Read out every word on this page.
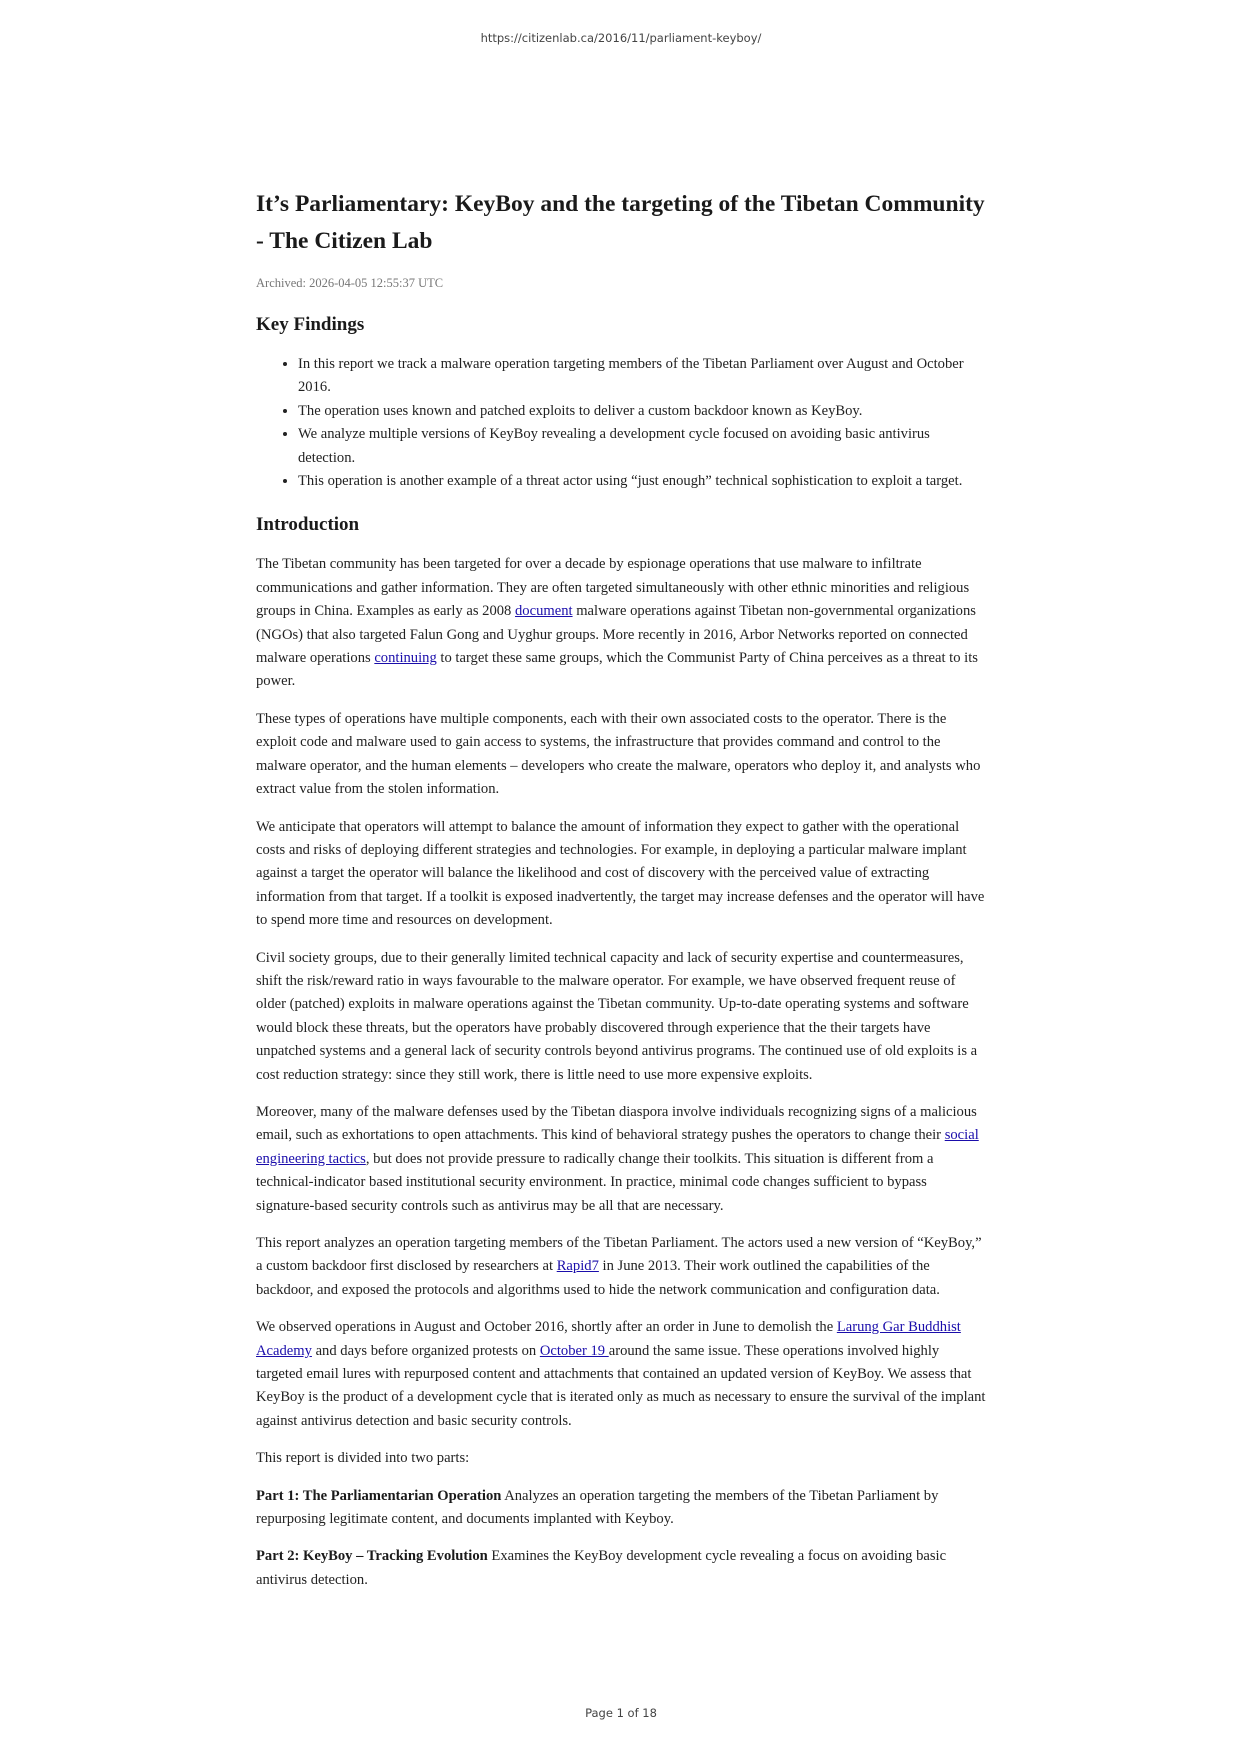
https://citizenlab.ca/2016/11/parliament-keyboy/
It’s Parliamentary: KeyBoy and the targeting of the Tibetan Community - The Citizen Lab
Archived: 2026-04-05 12:55:37 UTC
Key Findings
• In this report we track a malware operation targeting members of the Tibetan Parliament over August and October 2016.
• The operation uses known and patched exploits to deliver a custom backdoor known as KeyBoy.
• We analyze multiple versions of KeyBoy revealing a development cycle focused on avoiding basic antivirus detection.
• This operation is another example of a threat actor using “just enough” technical sophistication to exploit a target.
Introduction

The Tibetan community has been targeted for over a decade by espionage operations that use malware to infiltrate communications and gather information. They are often targeted simultaneously with other ethnic minorities and religious groups in China. Examples as early as 2008 document malware operations against Tibetan non-governmental organizations (NGOs) that also targeted Falun Gong and Uyghur groups. More recently in 2016, Arbor Networks reported on connected malware operations continuing to target these same groups, which the Communist Party of China perceives as a threat to its power.

These types of operations have multiple components, each with their own associated costs to the operator. There is the exploit code and malware used to gain access to systems, the infrastructure that provides command and control to the malware operator, and the human elements – developers who create the malware, operators who deploy it, and analysts who extract value from the stolen information.

We anticipate that operators will attempt to balance the amount of information they expect to gather with the operational costs and risks of deploying different strategies and technologies. For example, in deploying a particular malware implant against a target the operator will balance the likelihood and cost of discovery with the perceived value of extracting information from that target. If a toolkit is exposed inadvertently, the target may increase defenses and the operator will have to spend more time and resources on development.

Civil society groups, due to their generally limited technical capacity and lack of security expertise and countermeasures, shift the risk/reward ratio in ways favourable to the malware operator. For example, we have observed frequent reuse of older (patched) exploits in malware operations against the Tibetan community. Up-to-date operating systems and software would block these threats, but the operators have probably discovered through experience that the their targets have unpatched systems and a general lack of security controls beyond antivirus programs. The continued use of old exploits is a cost reduction strategy: since they still work, there is little need to use more expensive exploits.

Moreover, many of the malware defenses used by the Tibetan diaspora involve individuals recognizing signs of a malicious email, such as exhortations to open attachments. This kind of behavioral strategy pushes the operators to change their social engineering tactics, but does not provide pressure to radically change their toolkits. This situation is different from a technical-indicator based institutional security environment. In practice, minimal code changes sufficient to bypass signature-based security controls such as antivirus may be all that are necessary.

This report analyzes an operation targeting members of the Tibetan Parliament. The actors used a new version of “KeyBoy,” a custom backdoor first disclosed by researchers at Rapid7 in June 2013. Their work outlined the capabilities of the backdoor, and exposed the protocols and algorithms used to hide the network communication and configuration data.

We observed operations in August and October 2016, shortly after an order in June to demolish the Larung Gar Buddhist Academy and days before organized protests on October 19 around the same issue. These operations involved highly targeted email lures with repurposed content and attachments that contained an updated version of KeyBoy. We assess that KeyBoy is the product of a development cycle that is iterated only as much as necessary to ensure the survival of the implant against antivirus detection and basic security controls.

This report is divided into two parts:

Part 1: The Parliamentarian Operation Analyzes an operation targeting the members of the Tibetan Parliament by repurposing legitimate content, and documents implanted with Keyboy.

Part 2: KeyBoy – Tracking Evolution Examines the KeyBoy development cycle revealing a focus on avoiding basic antivirus detection.

Page 1 of 18
